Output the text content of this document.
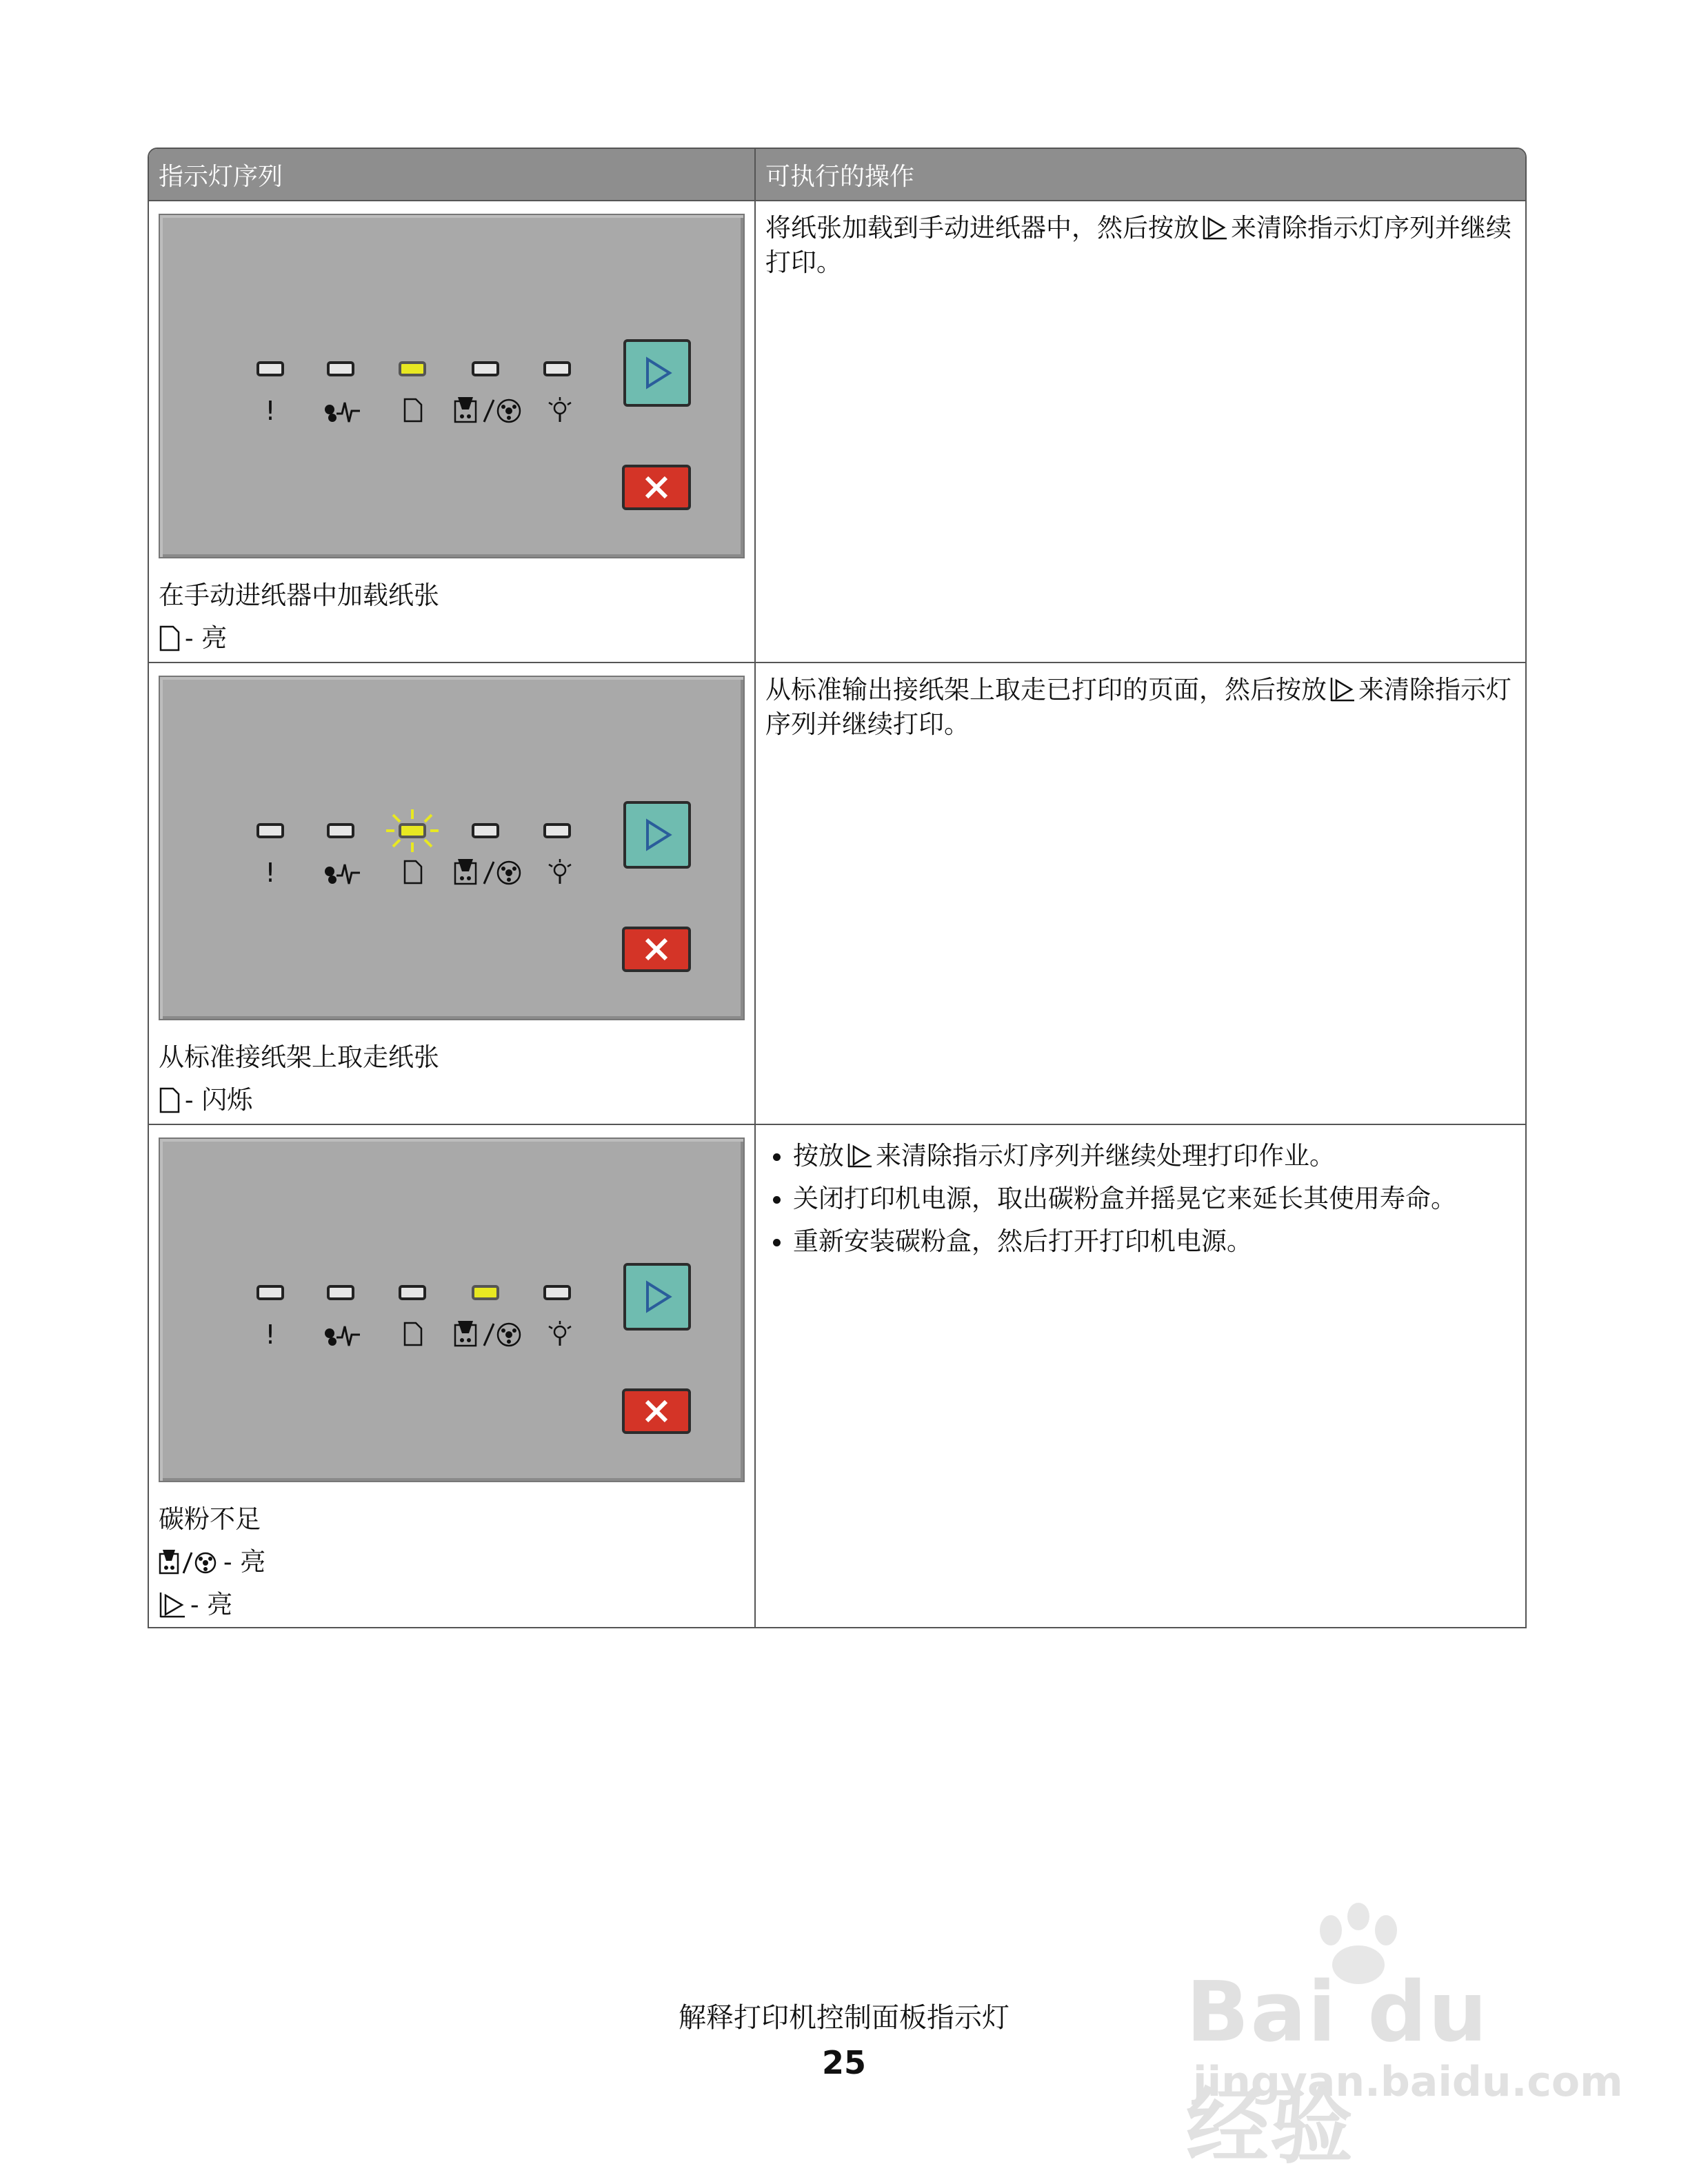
指示灯序列	可执行的操作
!
在手动进纸器中加载纸张
- 亮
将纸张加载到手动进纸器中，然后按放 来清除指示灯序列并继续打印。
!
从标准接纸架上取走纸张
- 闪烁
从标准输出接纸架上取走已打印的页面，然后按放 来清除指示灯序列并继续打印。
!
碳粉不足
- 亮
- 亮
• 按放 来清除指示灯序列并继续处理打印作业。
• 关闭打印机电源，取出碳粉盒并摇晃它来延长其使用寿命。
• 重新安装碳粉盒，然后打开打印机电源。
解释打印机控制面板指示灯
25
Bai du 经验
jingyan.baidu.com
